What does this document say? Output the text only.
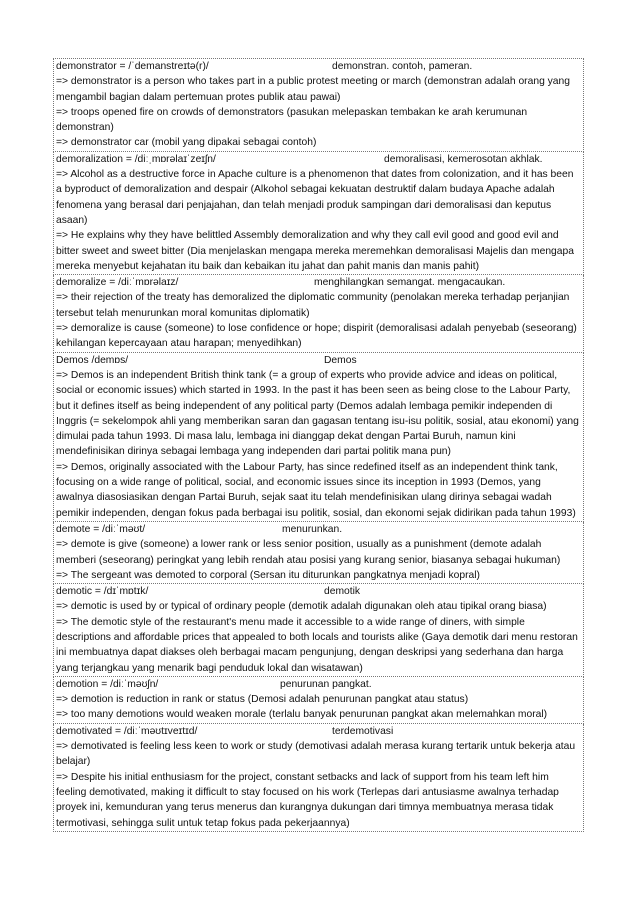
demonstrator = /ˈdemanstreɪtə(r)/	demonstran. contoh, pameran.
=> demonstrator is a person who takes part in a public protest meeting or march (demonstran adalah orang yang mengambil bagian dalam pertemuan protes publik atau pawai)
=> troops opened fire on crowds of demonstrators (pasukan melepaskan tembakan ke arah kerumunan demonstran)
=> demonstrator car (mobil yang dipakai sebagai contoh)
demoralization = /diːˌmɒrəlaɪˈzeɪʃn/	demoralisasi, kemerosotan akhlak.
=> Alcohol as a destructive force in Apache culture is a phenomenon that dates from colonization, and it has been a byproduct of demoralization and despair (Alkohol sebagai kekuatan destruktif dalam budaya Apache adalah fenomena yang berasal dari penjajahan, dan telah menjadi produk sampingan dari demoralisasi dan keputus asaan)
=> He explains why they have belittled Assembly demoralization and why they call evil good and good evil and bitter sweet and sweet bitter (Dia menjelaskan mengapa mereka meremehkan demoralisasi Majelis dan mengapa mereka menyebut kejahatan itu baik dan kebaikan itu jahat dan pahit manis dan manis pahit)
demoralize = /diːˈmɒrəlaɪz/	menghilangkan semangat. mengacaukan.
=> their rejection of the treaty has demoralized the diplomatic community (penolakan mereka terhadap perjanjian tersebut telah menurunkan moral komunitas diplomatik)
=> demoralize is cause (someone) to lose confidence or hope; dispirit (demoralisasi adalah penyebab (seseorang) kehilangan kepercayaan atau harapan; menyedihkan)
Demos /demɒs/	Demos
=> Demos is an independent British think tank (= a group of experts who provide advice and ideas on political, social or economic issues) which started in 1993. In the past it has been seen as being close to the Labour Party, but it defines itself as being independent of any political party (Demos adalah lembaga pemikir independen di Inggris (= sekelompok ahli yang memberikan saran dan gagasan tentang isu-isu politik, sosial, atau ekonomi) yang dimulai pada tahun 1993. Di masa lalu, lembaga ini dianggap dekat dengan Partai Buruh, namun kini mendefinisikan dirinya sebagai lembaga yang independen dari partai politik mana pun)
=> Demos, originally associated with the Labour Party, has since redefined itself as an independent think tank, focusing on a wide range of political, social, and economic issues since its inception in 1993 (Demos, yang awalnya diasosiasikan dengan Partai Buruh, sejak saat itu telah mendefinisikan ulang dirinya sebagai wadah pemikir independen, dengan fokus pada berbagai isu politik, sosial, dan ekonomi sejak didirikan pada tahun 1993)
demote = /diːˈməʊt/	menurunkan.
=> demote is give (someone) a lower rank or less senior position, usually as a punishment (demote adalah memberi (seseorang) peringkat yang lebih rendah atau posisi yang kurang senior, biasanya sebagai hukuman)
=> The sergeant was demoted to corporal (Sersan itu diturunkan pangkatnya menjadi kopral)
demotic = /dɪˈmɒtɪk/	demotik
=> demotic is used by or typical of ordinary people (demotik adalah digunakan oleh atau tipikal orang biasa)
=> The demotic style of the restaurant's menu made it accessible to a wide range of diners, with simple descriptions and affordable prices that appealed to both locals and tourists alike (Gaya demotik dari menu restoran ini membuatnya dapat diakses oleh berbagai macam pengunjung, dengan deskripsi yang sederhana dan harga yang terjangkau yang menarik bagi penduduk lokal dan wisatawan)
demotion = /diːˈməʊʃn/	penurunan pangkat.
=> demotion is reduction in rank or status (Demosi adalah penurunan pangkat atau status)
=> too many demotions would weaken morale (terlalu banyak penurunan pangkat akan melemahkan moral)
demotivated = /diːˈməʊtɪveɪtɪd/	terdemotivasi
=> demotivated is feeling less keen to work or study (demotivasi adalah merasa kurang tertarik untuk bekerja atau belajar)
=> Despite his initial enthusiasm for the project, constant setbacks and lack of support from his team left him feeling demotivated, making it difficult to stay focused on his work (Terlepas dari antusiasme awalnya terhadap proyek ini, kemunduran yang terus menerus dan kurangnya dukungan dari timnya membuatnya merasa tidak termotivasi, sehingga sulit untuk tetap fokus pada pekerjaannya)
